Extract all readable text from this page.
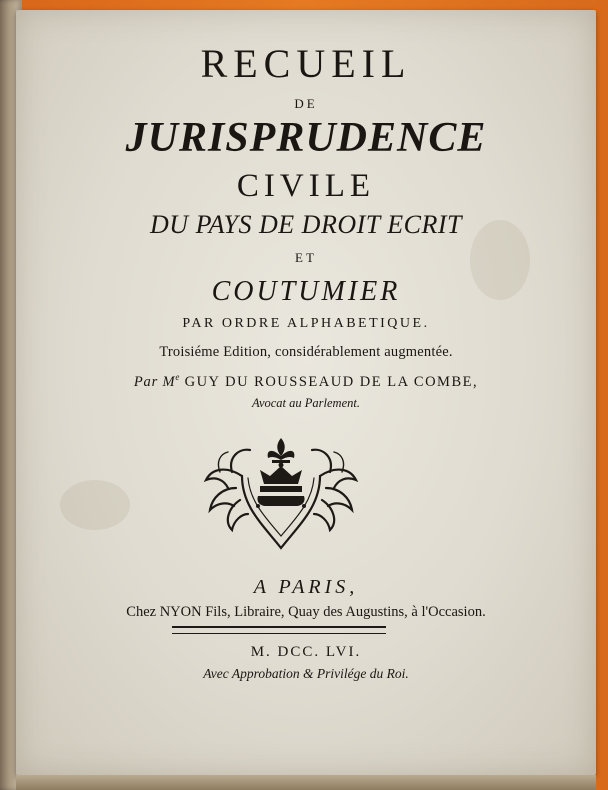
RECUEIL
DE
JURISPRUDENCE
CIVILE
DU PAYS DE DROIT ECRIT
ET
COUTUMIER
PAR ORDRE ALPHABETIQUE.
Troisiéme Edition, considérablement augmentée.
Par Me GUY DU ROUSSEAUD DE LA COMBE,
Avocat au Parlement.
A PARIS,
Chez NYON Fils, Libraire, Quay des Augustins, à l'Occasion.
M. DCC. LVI.
Avec Approbation & Privilége du Roi.
